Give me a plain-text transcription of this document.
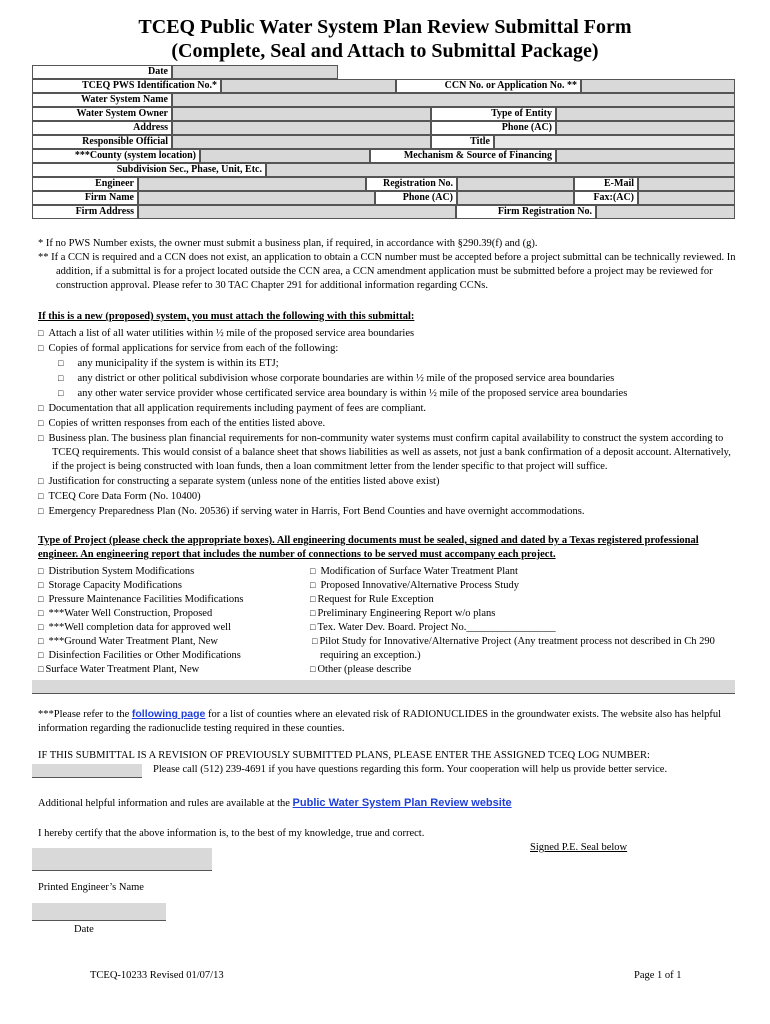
TCEQ Public Water System Plan Review Submittal Form
(Complete, Seal and Attach to Submittal Package)
Date
TCEQ PWS Identification No.*	CCN No. or Application No. **
Water System Name
Water System Owner	Type of Entity
Address	Phone (AC)
Responsible Official	Title
***County (system location)	Mechanism & Source of Financing
Subdivision Sec., Phase, Unit, Etc.
Engineer	Registration No.	E-Mail
Firm Name	Phone (AC)	Fax:(AC)
Firm Address	Firm Registration No.
* If no PWS Number exists, the owner must submit a business plan, if required, in accordance with §290.39(f) and (g).
** If a CCN is required and a CCN does not exist, an application to obtain a CCN number must be accepted before a project submittal can be technically reviewed. In addition, if a submittal is for a project located outside the CCN area, a CCN amendment application must be submitted before a project may be reviewed for construction approval. Please refer to 30 TAC Chapter 291 for additional information regarding CCNs.
If this is a new (proposed) system, you must attach the following with this submittal:
□ Attach a list of all water utilities within ½ mile of the proposed service area boundaries
□ Copies of formal applications for service from each of the following:
□ any municipality if the system is within its ETJ;
□ any district or other political subdivision whose corporate boundaries are within ½ mile of the proposed service area boundaries
□ any other water service provider whose certificated service area boundary is within ½ mile of the proposed service area boundaries
□ Documentation that all application requirements including payment of fees are compliant.
□ Copies of written responses from each of the entities listed above.
□ Business plan. The business plan financial requirements for non-community water systems must confirm capital availability to construct the system according to TCEQ requirements. This would consist of a balance sheet that shows liabilities as well as assets, not just a bank confirmation of a deposit account. Alternatively, if the project is being constructed with loan funds, then a loan commitment letter from the lender specific to that project will suffice.
□ Justification for constructing a separate system (unless none of the entities listed above exist)
□ TCEQ Core Data Form (No. 10400)
□ Emergency Preparedness Plan (No. 20536) if serving water in Harris, Fort Bend Counties and have overnight accommodations.
Type of Project (please check the appropriate boxes). All engineering documents must be sealed, signed and dated by a Texas registered professional engineer. An engineering report that includes the number of connections to be served must accompany each project.
□ Distribution System Modifications
□ Storage Capacity Modifications
□ Pressure Maintenance Facilities Modifications
□ ***Water Well Construction, Proposed
□ ***Well completion data for approved well
□ ***Ground Water Treatment Plant, New
□ Disinfection Facilities or Other Modifications
□ Surface Water Treatment Plant, New
□ Modification of Surface Water Treatment Plant
□ Proposed Innovative/Alternative Process Study
□ Request for Rule Exception
□ Preliminary Engineering Report w/o plans
□ Tex. Water Dev. Board. Project No._________________
□ Pilot Study for Innovative/Alternative Project (Any treatment process not described in Ch 290 requiring an exception.)
□ Other (please describe
***Please refer to the following page for a list of counties where an elevated risk of RADIONUCLIDES in the groundwater exists. The website also has helpful information regarding the radionuclide testing required in these counties.
IF THIS SUBMITTAL IS A REVISION OF PREVIOUSLY SUBMITTED PLANS, PLEASE ENTER THE ASSIGNED TCEQ LOG NUMBER:
Please call (512) 239-4691 if you have questions regarding this form. Your cooperation will help us provide better service.
Additional helpful information and rules are available at the Public Water System Plan Review website
I hereby certify that the above information is, to the best of my knowledge, true and correct.
Signed P.E. Seal below
Printed Engineer’s Name
Date
TCEQ-10233 Revised 01/07/13	Page 1 of 1
